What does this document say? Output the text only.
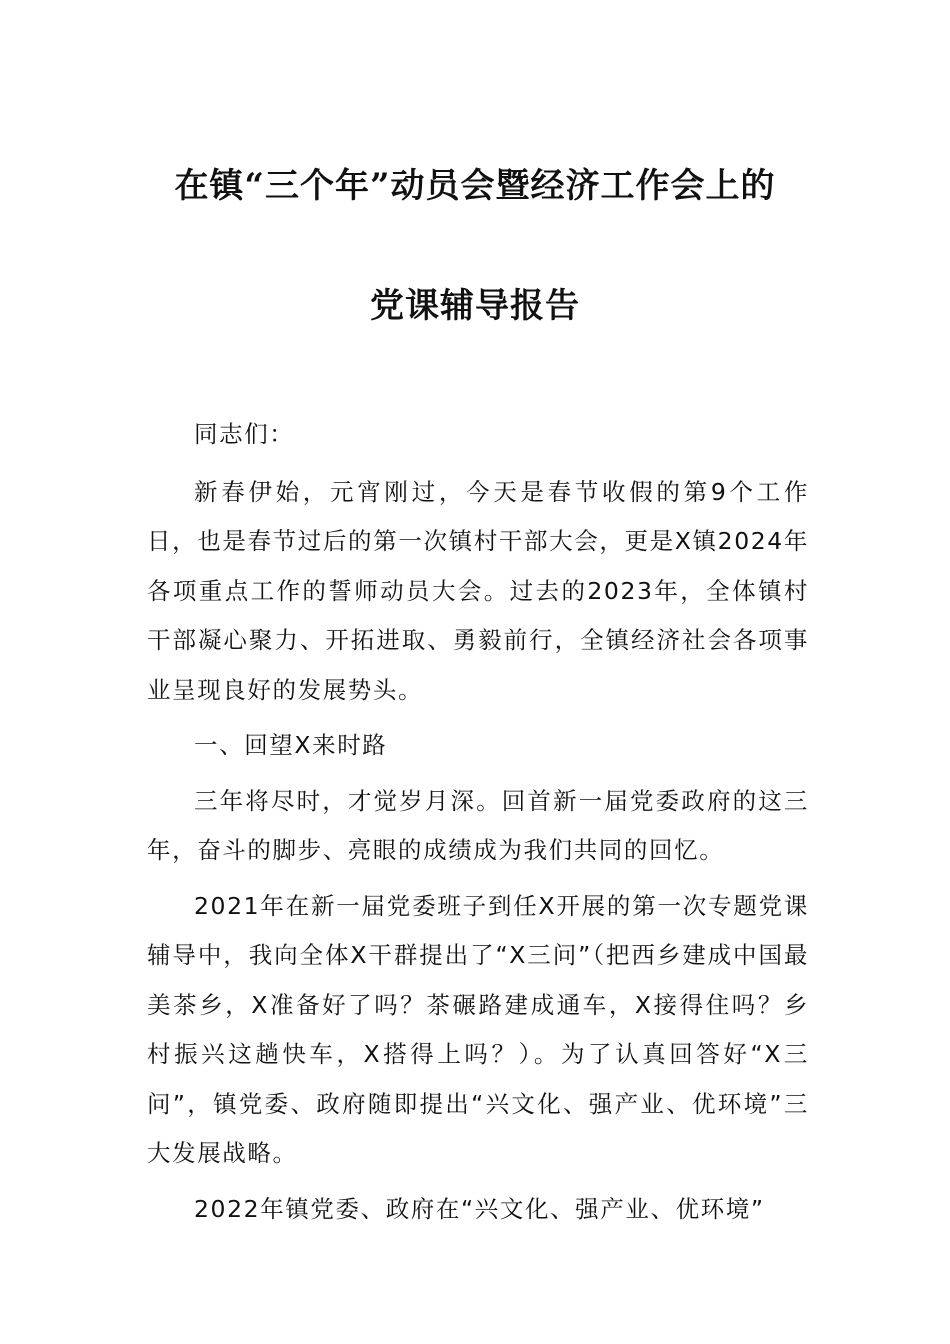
在镇“三个年”动员会暨经济工作会上的
党课辅导报告

同志们：

新春伊始，元宵刚过，今天是春节收假的第9个工作日，也是春节过后的第一次镇村干部大会，更是X镇2024年各项重点工作的誓师动员大会。过去的2023年，全体镇村干部凝心聚力、开拓进取、勇毅前行，全镇经济社会各项事业呈现良好的发展势头。

一、回望X来时路

三年将尽时，才觉岁月深。回首新一届党委政府的这三年，奋斗的脚步、亮眼的成绩成为我们共同的回忆。

2021年在新一届党委班子到任X开展的第一次专题党课辅导中，我向全体X干群提出了“X三问”（把西乡建成中国最美茶乡，X准备好了吗？茶碾路建成通车，X接得住吗？乡村振兴这趟快车，X搭得上吗？）。为了认真回答好“X三问”，镇党委、政府随即提出“兴文化、强产业、优环境”三大发展战略。

2022年镇党委、政府在“兴文化、强产业、优环境”
